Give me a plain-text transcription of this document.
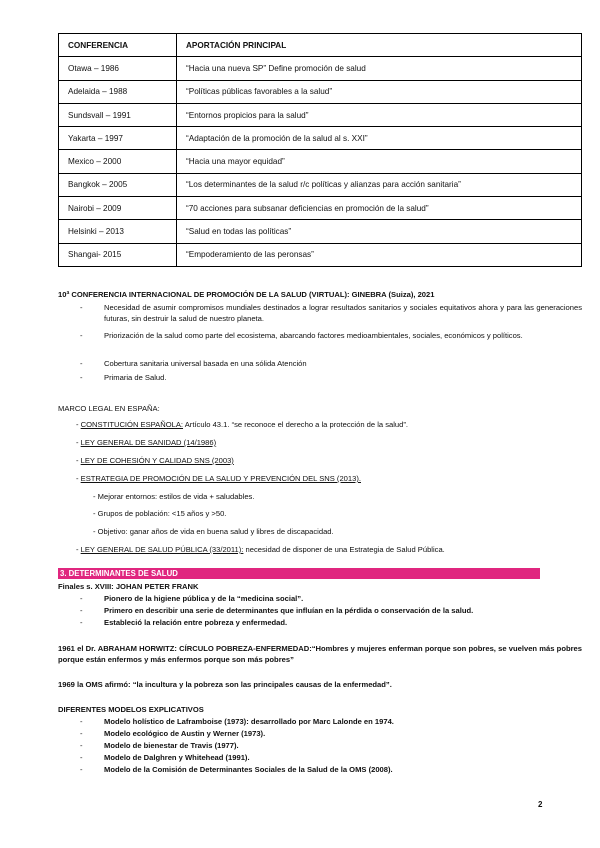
CONFERENCIA	APORTACIÓN PRINCIPAL
Otawa – 1986	“Hacia una nueva SP” Define promoción de salud
Adelaida – 1988	“Políticas públicas favorables a la salud”
Sundsvall – 1991	“Entornos propicios para la salud”
Yakarta – 1997	“Adaptación de la promoción de la salud al s. XXI”
Mexico – 2000	“Hacia una mayor equidad”
Bangkok – 2005	“Los determinantes de la salud r/c políticas y alianzas para acción sanitaria”
Nairobi – 2009	“70 acciones para subsanar deficiencias en promoción de la salud”
Helsinki – 2013	“Salud en todas las políticas”
Shangai- 2015	“Empoderamiento de las peronsas”
10ª CONFERENCIA INTERNACIONAL DE PROMOCIÓN DE LA SALUD (VIRTUAL): GINEBRA (Suiza), 2021
-	Necesidad de asumir compromisos mundiales destinados a lograr resultados sanitarios y sociales equitativos ahora y para las generaciones futuras, sin destruir la salud de nuestro planeta.
-	Priorización de la salud como parte del ecosistema, abarcando factores medioambientales, sociales, económicos y políticos.
-	Cobertura sanitaria universal basada en una sólida Atención
-	Primaria de Salud.
MARCO LEGAL EN ESPAÑA:
- CONSTITUCIÓN ESPAÑOLA: Artículo 43.1. “se reconoce el derecho a la protección de la salud”.
- LEY GENERAL DE SANIDAD (14/1986)
- LEY DE COHESIÓN Y CALIDAD SNS (2003)
- ESTRATEGIA DE PROMOCIÓN DE LA SALUD Y PREVENCIÓN DEL SNS (2013).
- Mejorar entornos: estilos de vida + saludables.
- Grupos de población: <15 años y >50.
- Objetivo: ganar años de vida en buena salud y libres de discapacidad.
- LEY GENERAL DE SALUD PÚBLICA (33/2011): necesidad de disponer de una Estrategia de Salud Pública.
3. DETERMINANTES DE SALUD
Finales s. XVIII: JOHAN PETER FRANK
-	Pionero de la higiene pública y de la “medicina social”.
-	Primero en describir una serie de determinantes que influían en la pérdida o conservación de la salud.
-	Estableció la relación entre pobreza y enfermedad.
1961 el Dr. ABRAHAM HORWITZ: CÍRCULO POBREZA-ENFERMEDAD:“Hombres y mujeres enferman porque son pobres, se vuelven más pobres porque están enfermos y más enfermos porque son más pobres”
1969 la OMS afirmó: “la incultura y la pobreza son las principales causas de la enfermedad”.
DIFERENTES MODELOS EXPLICATIVOS
-	Modelo holístico de Laframboise (1973): desarrollado por Marc Lalonde en 1974.
-	Modelo ecológico de Austin y Werner (1973).
-	Modelo de bienestar de Travis (1977).
-	Modelo de Dalghren y Whitehead (1991).
-	Modelo de la Comisión de Determinantes Sociales de la Salud de la OMS (2008).
2
